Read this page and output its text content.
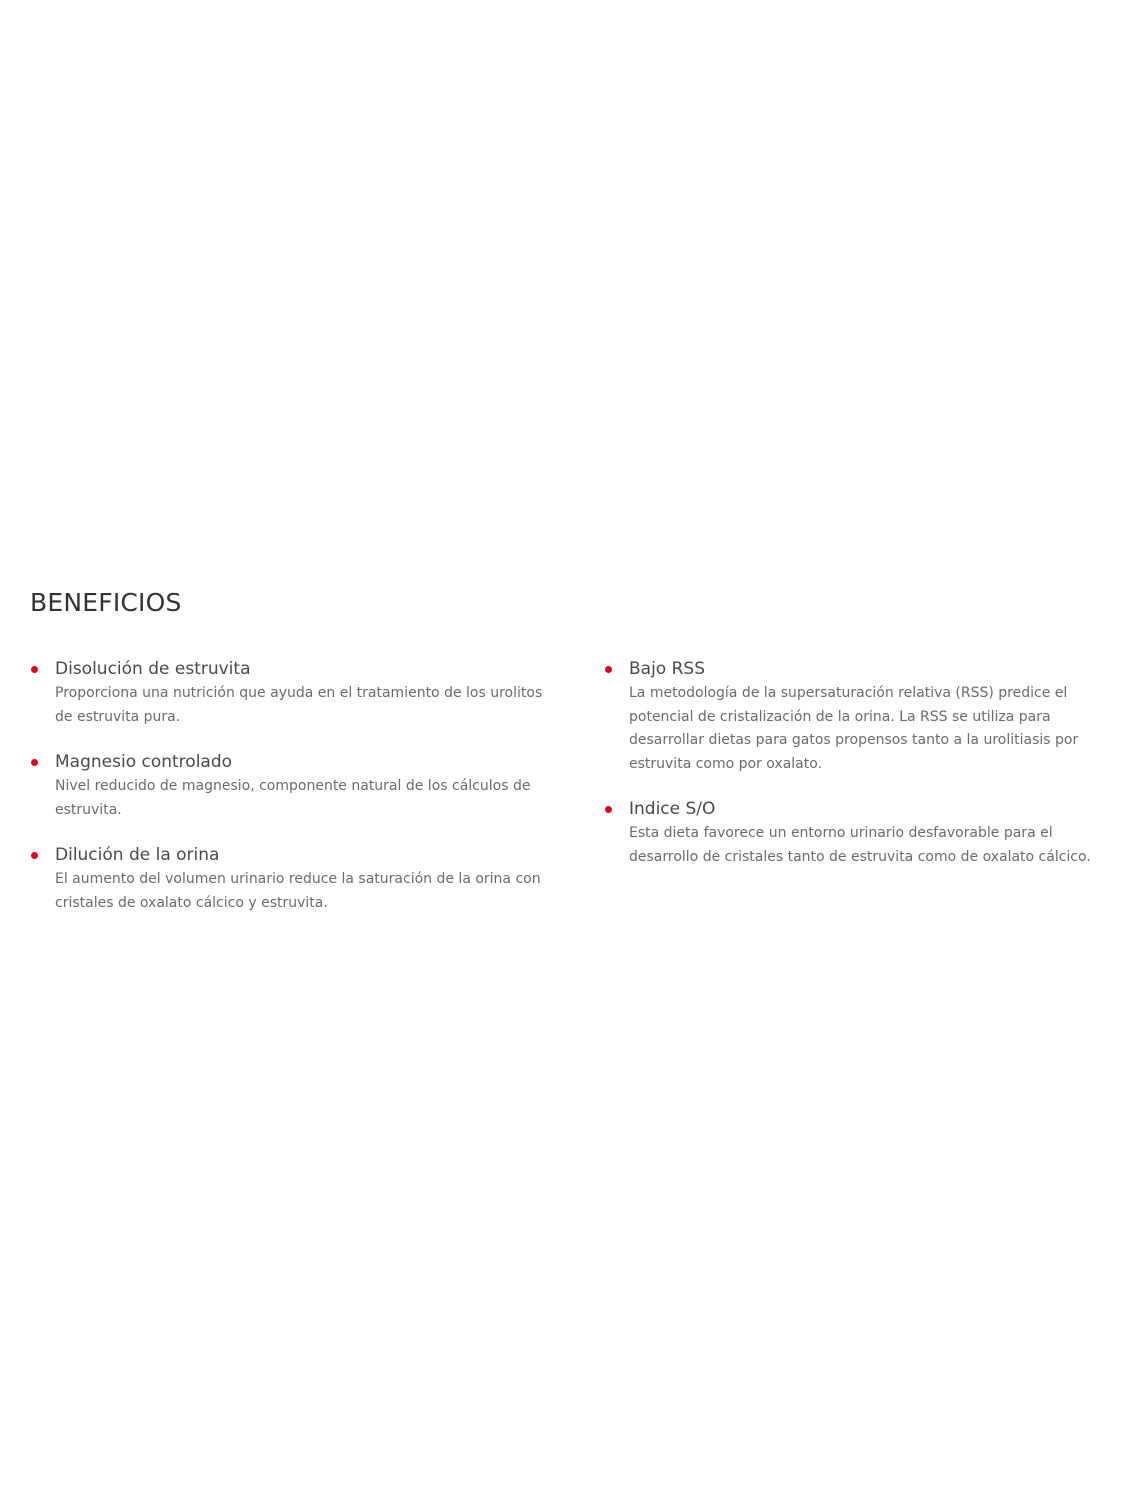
BENEFICIOS
Disolución de estruvita
Proporciona una nutrición que ayuda en el tratamiento de los urolitos de estruvita pura.
Magnesio controlado
Nivel reducido de magnesio, componente natural de los cálculos de estruvita.
Dilución de la orina
El aumento del volumen urinario reduce la saturación de la orina con cristales de oxalato cálcico y estruvita.
Bajo RSS
La metodología de la supersaturación relativa (RSS) predice el potencial de cristalización de la orina. La RSS se utiliza para desarrollar dietas para gatos propensos tanto a la urolitiasis por estruvita como por oxalato.
Indice S/O
Esta dieta favorece un entorno urinario desfavorable para el desarrollo de cristales tanto de estruvita como de oxalato cálcico.
